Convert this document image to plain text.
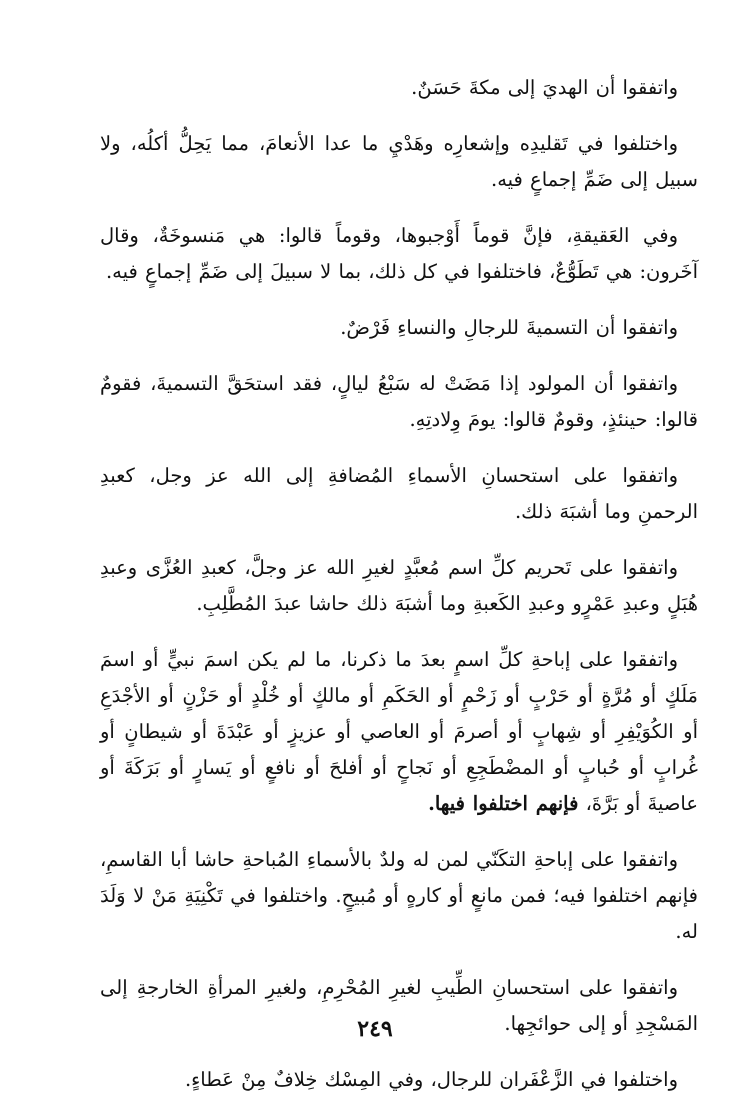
واتفقوا أن الهديَ إلى مكةَ حَسَنٌ.

واختلفوا في تَقليدِه وإشعارِه وهَدْيِ ما عدا الأنعامَ، مما يَحِلُّ أكلُه، ولا سبيل إلى ضَمِّ إجماعٍ فيه.

وفي العَقيقةِ، فإنَّ قوماً أَوْجبوها، وقوماً قالوا: هي مَنسوخَةٌ، وقال آخَرون: هي تَطَوُّعٌ، فاختلفوا في كل ذلك، بما لا سبيلَ إلى ضَمِّ إجماعٍ فيه.

واتفقوا أن التسميةَ للرجالِ والنساءِ فَرْضٌ.

واتفقوا أن المولود إذا مَضَتْ له سَبْعُ ليالٍ، فقد استحَقَّ التسميةَ، فقومٌ قالوا: حينئذٍ، وقومٌ قالوا: يومَ وِلادتِهِ.

واتفقوا على استحسانِ الأسماءِ المُضافةِ إلى الله عز وجل، كعبدِ الرحمنِ وما أشبَهَ ذلك.

واتفقوا على تَحريم كلِّ اسم مُعبَّدٍ لغيرِ الله عز وجلَّ، كعبدِ العُزَّى وعبدِ هُبَلٍ وعبدِ عَمْرٍو وعبدِ الكَعبةِ وما أشبَهَ ذلك حاشا عبدَ المُطَّلِبِ.

واتفقوا على إباحةِ كلِّ اسمٍ بعدَ ما ذكرنا، ما لم يكن اسمَ نبيٍّ أو اسمَ مَلَكٍ أو مُرَّةٍ أو حَرْبٍ أو زَحْمٍ أو الحَكَمِ أو مالكٍ أو خُلْدٍ أو حَزْنٍ أو الأجْدَعِ أو الكُوَيْفِرِ أو شِهابٍ أو أصرمَ أو العاصي أو عزيزٍ أو عَبْدَةَ أو شيطانٍ أو غُرابٍ أو حُبابٍ أو المضْطَجِعِ أو نَجاحٍ أو أفلحَ أو نافعٍ أو يَسارٍ أو بَرَكَةَ أو عاصيةَ أو بَرَّةَ، فإنهم اختلفوا فيها.

واتفقوا على إباحةِ التكَنّي لمن له ولدٌ بالأسماءِ المُباحةِ حاشا أبا القاسمِ، فإنهم اختلفوا فيه؛ فمن مانعٍ أو كارهٍ أو مُبيحٍ. واختلفوا في تَكْنِيَةِ مَنْ لا وَلَدَ له.

واتفقوا على استحسانِ الطِّيبِ لغيرِ المُحْرِمِ، ولغيرِ المرأةِ الخارجةِ إلى المَسْجِدِ أو إلى حوائجِها.

واختلفوا في الزَّعْفَران للرجال، وفي المِسْك خِلافٌ مِنْ عَطاءٍ.

٢٤٩
